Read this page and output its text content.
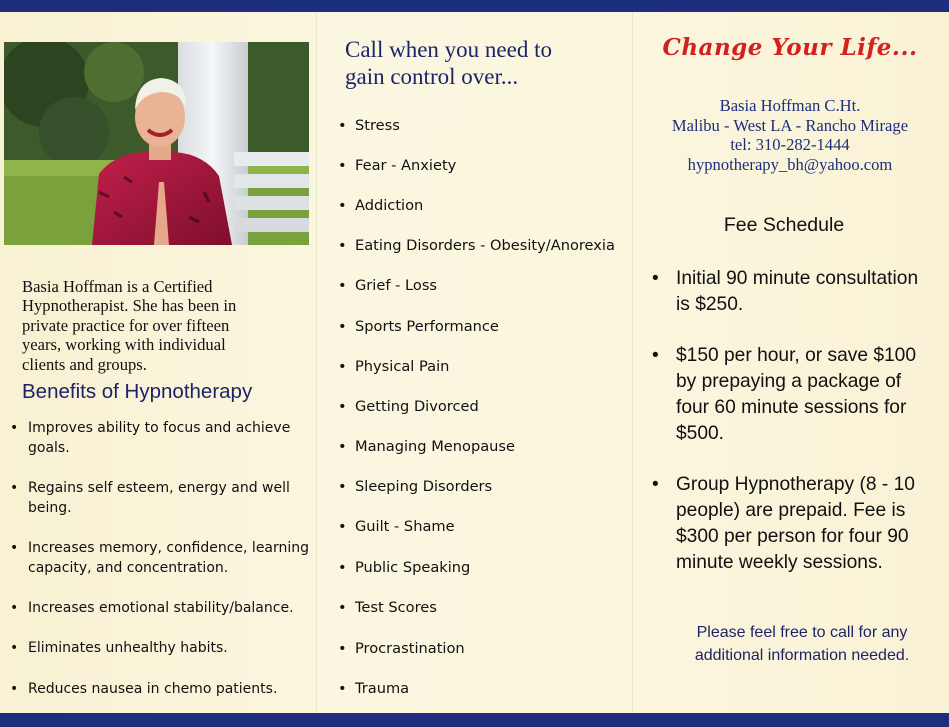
Basia Hoffman is a Certified
Hypnotherapist. She has been in
private practice for over fifteen
years, working with individual
clients and groups.
Benefits of Hypnotherapy
• Improves ability to focus and achieve goals.
• Regains self esteem, energy and well being.
• Increases memory, confidence, learning capacity, and concentration.
• Increases emotional stability/balance.
• Eliminates unhealthy habits.
• Reduces nausea in chemo patients.
Call when you need to
gain control over...
• Stress
• Fear - Anxiety
• Addiction
• Eating Disorders - Obesity/Anorexia
• Grief - Loss
• Sports Performance
• Physical Pain
• Getting Divorced
• Managing Menopause
• Sleeping Disorders
• Guilt - Shame
• Public Speaking
• Test Scores
• Procrastination
• Trauma
Change Your Life...
Basia Hoffman C.Ht.
Malibu - West LA - Rancho Mirage
tel: 310-282-1444
hypnotherapy_bh@yahoo.com
Fee Schedule
• Initial 90 minute consultation is $250.
• $150 per hour, or save $100 by prepaying a package of four 60 minute sessions for $500.
• Group Hypnotherapy (8 - 10 people) are prepaid. Fee is $300 per person for four 90 minute weekly sessions.
Please feel free to call for any additional information needed.
